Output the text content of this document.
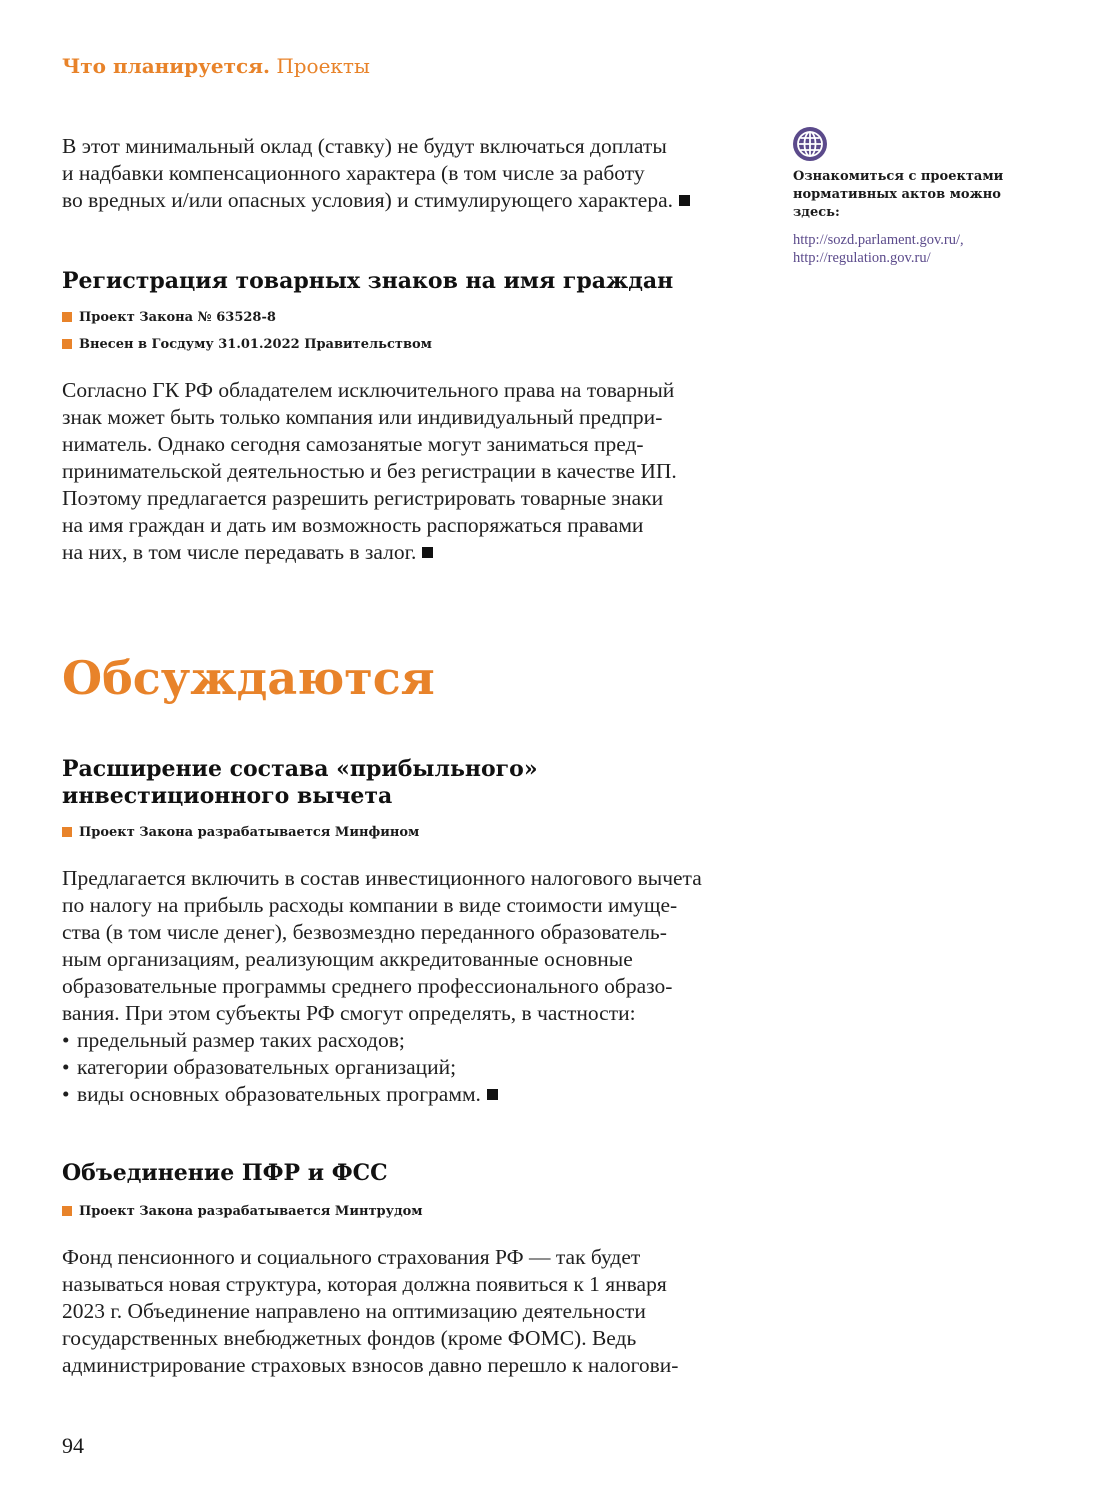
Что планируется. Проекты

В этот минимальный оклад (ставку) не будут включаться доплаты

и надбавки компенсационного характера (в том числе за работу

во вредных и/или опасных условия) и стимулирующего характера.

Ознакомиться с проектами нормативных актов можно здесь:
http://sozd.parlament.gov.ru/,
http://regulation.gov.ru/
Регистрация товарных знаков на имя граждан
Проект Закона № 63528-8
Внесен в Госдуму 31.01.2022 Правительством

Согласно ГК РФ обладателем исключительного права на товарный

знак может быть только компания или индивидуальный предпри-

ниматель. Однако сегодня самозанятые могут заниматься пред-

принимательской деятельностью и без регистрации в качестве ИП.

Поэтому предлагается разрешить регистрировать товарные знаки

на имя граждан и дать им возможность распоряжаться правами

на них, в том числе передавать в залог.

Обсуждаются
Расширение состава «прибыльного»
инвестиционного вычета
Проект Закона разрабатывается Минфином

Предлагается включить в состав инвестиционного налогового вычета

по налогу на прибыль расходы компании в виде стоимости имуще-

ства (в том числе денег), безвозмездно переданного образователь-

ным организациям, реализующим аккредитованные основные

образовательные программы среднего профессионального образо-

вания. При этом субъекты РФ смогут определять, в частности:

• предельный размер таких расходов;
• категории образовательных организаций;
• виды основных образовательных программ.
Объединение ПФР и ФСС
Проект Закона разрабатывается Минтрудом

Фонд пенсионного и социального страхования РФ — так будет

называться новая структура, которая должна появиться к 1 января

2023 г. Объединение направлено на оптимизацию деятельности

государственных внебюджетных фондов (кроме ФОМС). Ведь

администрирование страховых взносов давно перешло к налогови-

94
